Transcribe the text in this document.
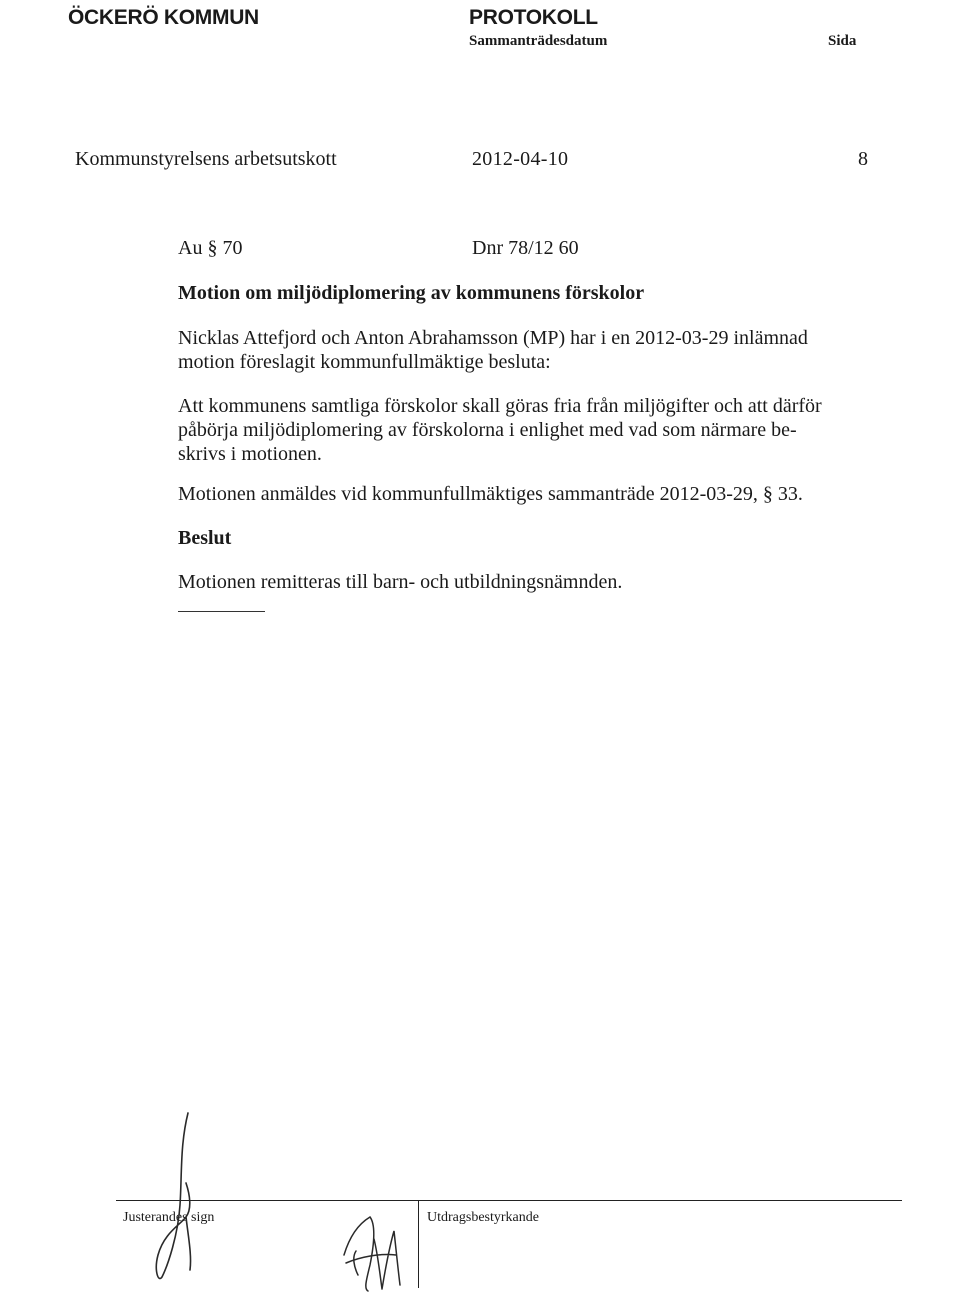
ÖCKERÖ KOMMUN	PROTOKOLL
Sammanträdesdatum	Sida
Kommunstyrelsens arbetsutskott	2012-04-10	8
Au § 70	Dnr 78/12 60
Motion om miljödiplomering av kommunens förskolor
Nicklas Attefjord och Anton Abrahamsson (MP) har i en 2012-03-29 inlämnad
motion föreslagit kommunfullmäktige besluta:
Att kommunens samtliga förskolor skall göras fria från miljögifter och att därför
påbörja miljödiplomering av förskolorna i enlighet med vad som närmare be-
skrivs i motionen.
Motionen anmäldes vid kommunfullmäktiges sammanträde 2012-03-29, § 33.
Beslut
Motionen remitteras till barn- och utbildningsnämnden.
Justerandes sign	Utdragsbestyrkande
